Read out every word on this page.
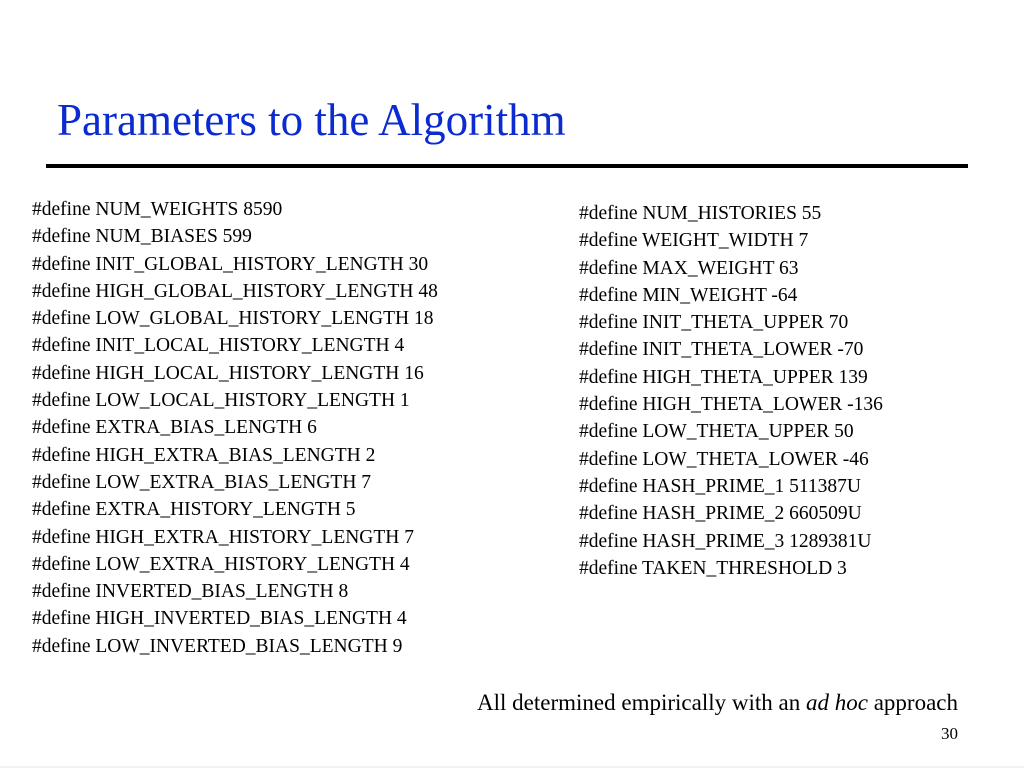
Parameters to the Algorithm
#define NUM_WEIGHTS 8590
#define NUM_BIASES 599
#define INIT_GLOBAL_HISTORY_LENGTH 30
#define HIGH_GLOBAL_HISTORY_LENGTH 48
#define LOW_GLOBAL_HISTORY_LENGTH 18
#define INIT_LOCAL_HISTORY_LENGTH 4
#define HIGH_LOCAL_HISTORY_LENGTH 16
#define LOW_LOCAL_HISTORY_LENGTH 1
#define EXTRA_BIAS_LENGTH 6
#define HIGH_EXTRA_BIAS_LENGTH 2
#define LOW_EXTRA_BIAS_LENGTH 7
#define EXTRA_HISTORY_LENGTH 5
#define HIGH_EXTRA_HISTORY_LENGTH 7
#define LOW_EXTRA_HISTORY_LENGTH 4
#define INVERTED_BIAS_LENGTH 8
#define HIGH_INVERTED_BIAS_LENGTH 4
#define LOW_INVERTED_BIAS_LENGTH 9
#define NUM_HISTORIES 55
#define WEIGHT_WIDTH 7
#define MAX_WEIGHT 63
#define MIN_WEIGHT -64
#define INIT_THETA_UPPER 70
#define INIT_THETA_LOWER -70
#define HIGH_THETA_UPPER 139
#define HIGH_THETA_LOWER -136
#define LOW_THETA_UPPER 50
#define LOW_THETA_LOWER -46
#define HASH_PRIME_1 511387U
#define HASH_PRIME_2 660509U
#define HASH_PRIME_3 1289381U
#define TAKEN_THRESHOLD 3
All determined empirically with an ad hoc approach
30
